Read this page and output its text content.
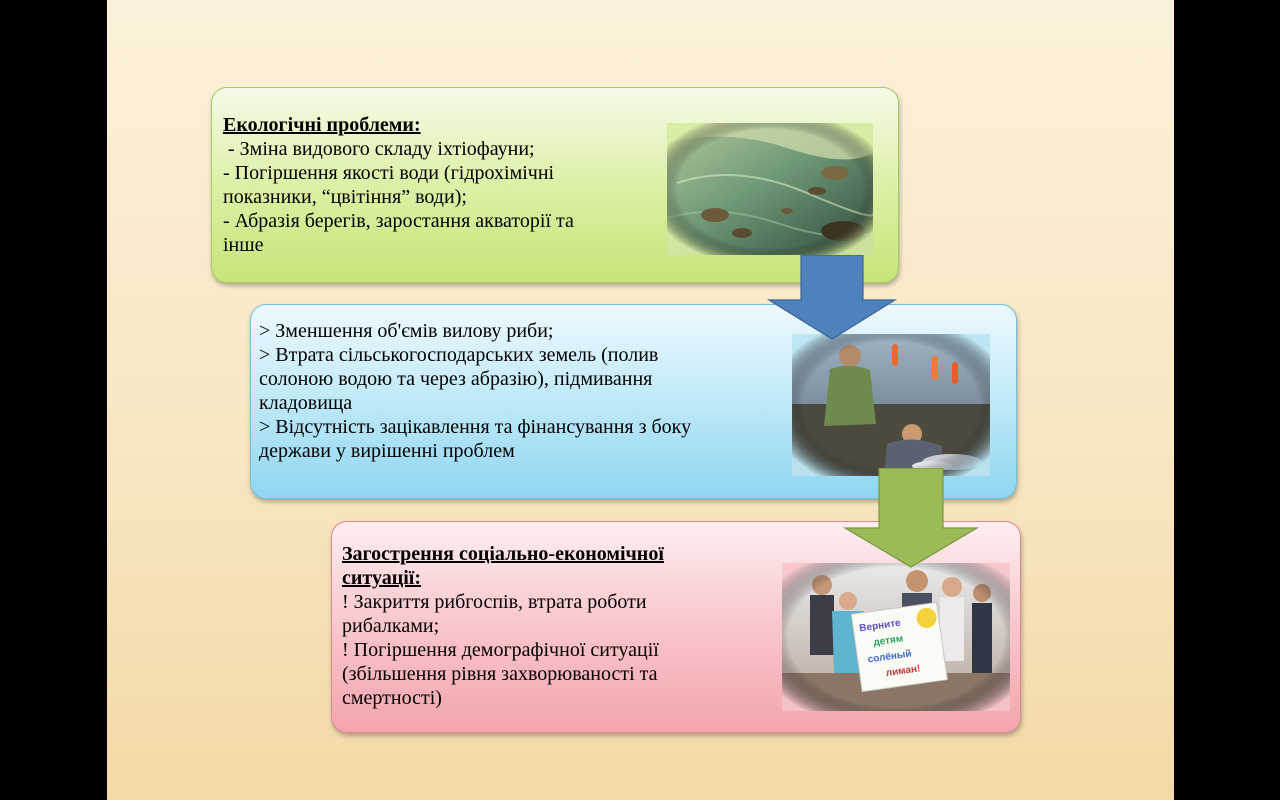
Екологічні проблеми:
- Зміна видового складу іхтіофауни;
- Погіршення якості води (гідрохімічні
показники, “цвітіння” води);
- Абразія берегів, заростання акваторії та
інше
> Зменшення об'ємів вилову риби;
> Втрата сільськогосподарських земель (полив
солоною водою та через абразію), підмивання
кладовища
> Відсутність зацікавлення та фінансування з боку
держави у вирішенні проблем
Загострення соціально-економічної
ситуації:
! Закриття рибгоспів, втрата роботи
рибалками;
! Погіршення демографічної ситуації
(збільшення рівня захворюваності та
смертності)
